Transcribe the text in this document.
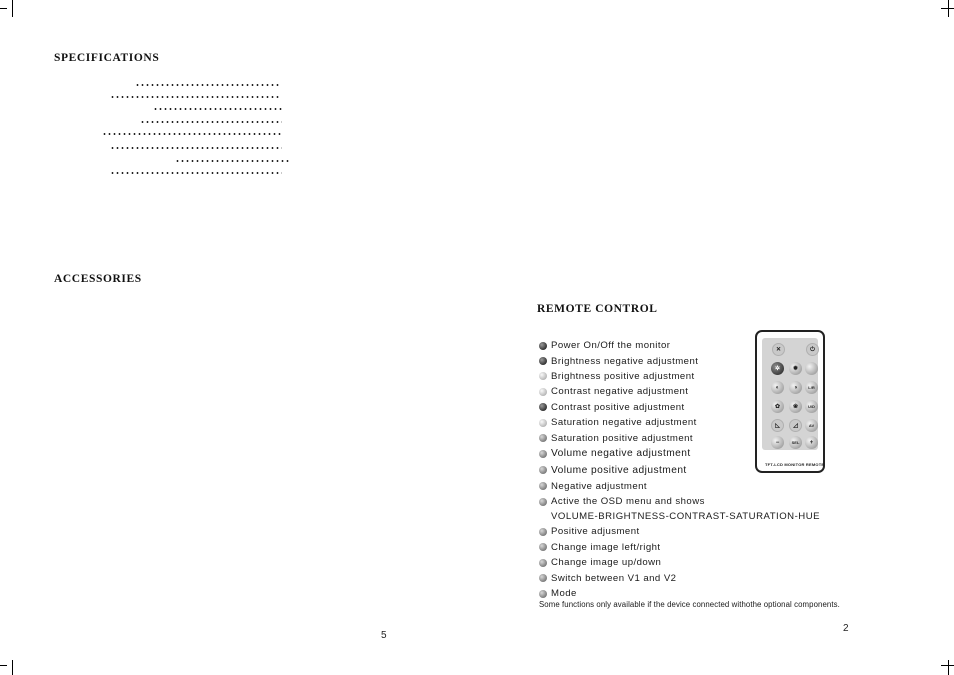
SPECIFICATIONS
ACCESSORIES
5
REMOTE CONTROL
Power On/Off the monitor
Brightness negative adjustment
Brightness positive adjustment
Contrast negative adjustment
Contrast positive adjustment
Saturation negative adjustment
Saturation positive adjustment
Volume negative adjustment
Volume positive adjustment
Negative adjustment
Active the OSD menu and shows
VOLUME-BRIGHTNESS-CONTRAST-SATURATION-HUE
Positive adjusment
Change image left/right
Change image up/down
Switch between V1 and V2
Mode
Some functions only available if the device connected withothe optional components.
✕	⏻
✲	✹
◐	◑	L/R
✿	❀	U/D
◺	◿	AV
−	SEL	+
TFT-LCD MONITOR REMOTE
2
